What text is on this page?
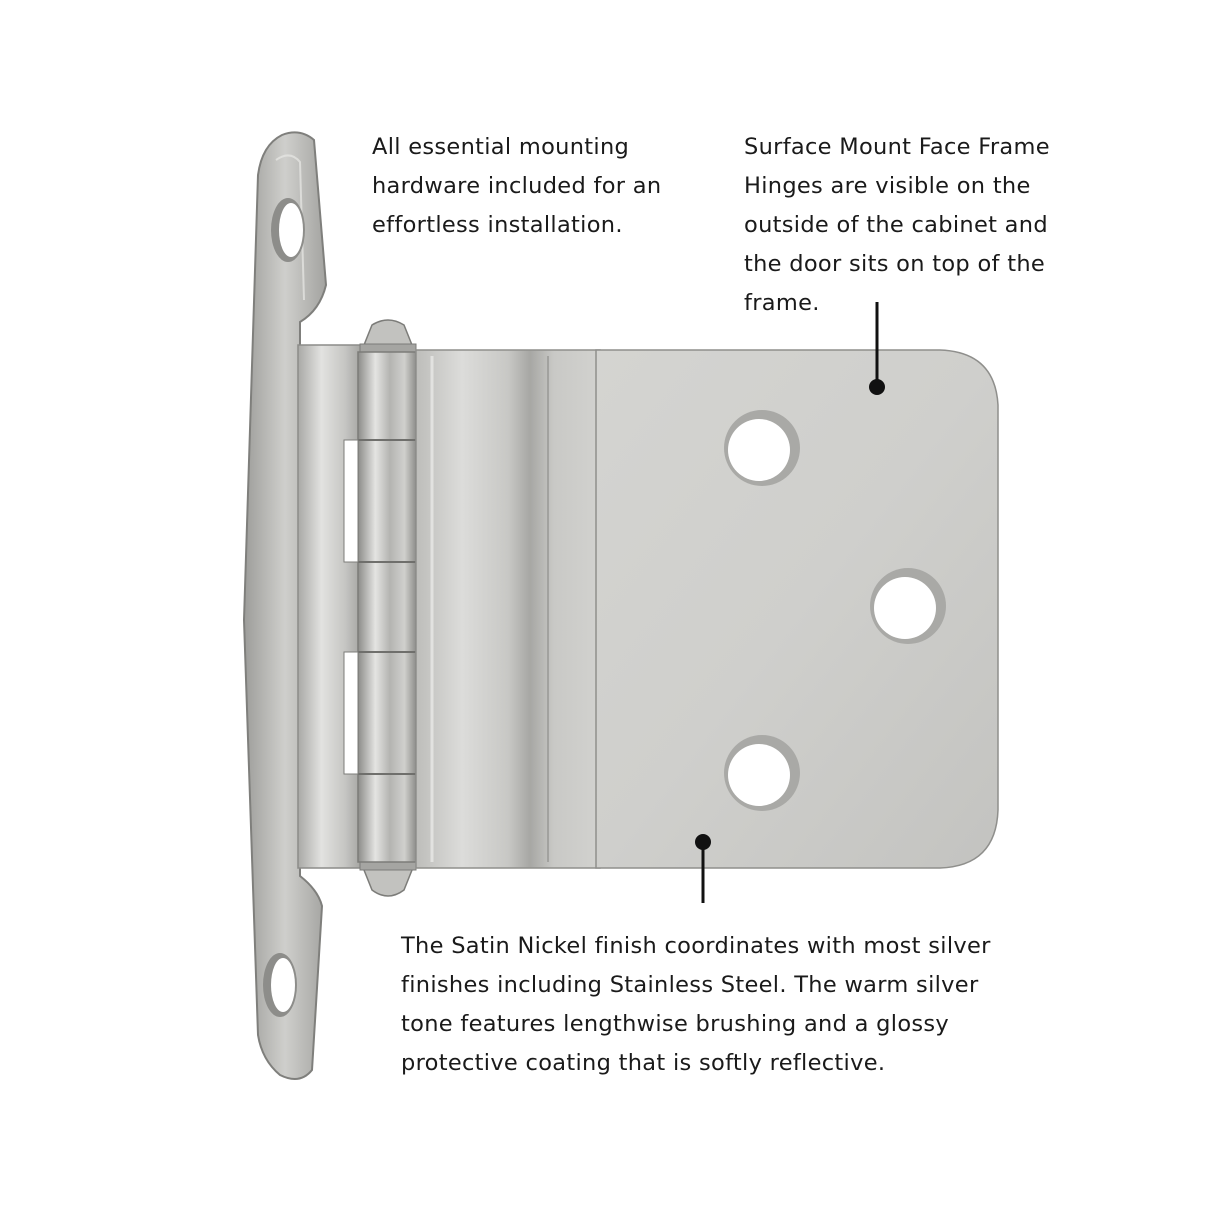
All essential mounting
hardware included for an
effortless installation.

Surface Mount Face Frame
Hinges are visible on the
outside of the cabinet and
the door sits on top of the
frame.

The Satin Nickel finish coordinates with most silver
finishes including Stainless Steel. The warm silver
tone features lengthwise brushing and a glossy
protective coating that is softly reflective.
